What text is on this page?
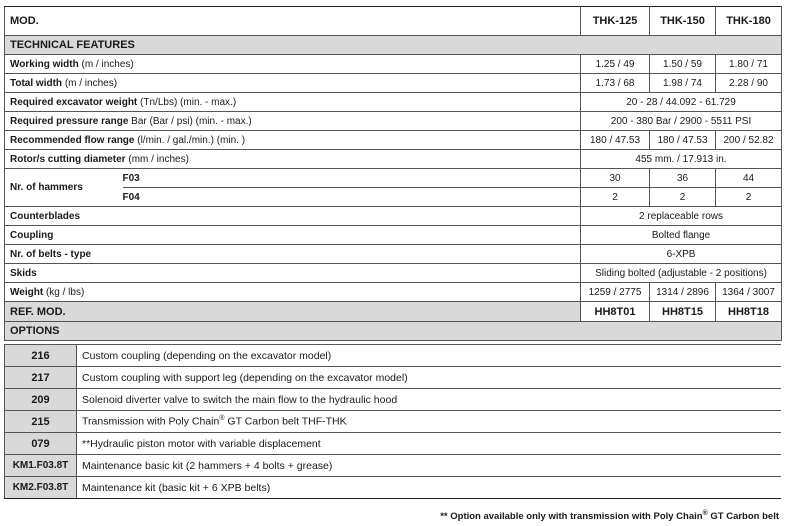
MOD.		THK-125	THK-150	THK-180
TECHNICAL FEATURES				
Working width (m / inches)		1.25 / 49	1.50 / 59	1.80 / 71
Total width (m / inches)		1.73 / 68	1.98 / 74	2.28 / 90
Required excavator weight (Tn/Lbs) (min. - max.)		20 - 28 / 44.092 - 61.729		
Required pressure range Bar (Bar / psi) (min. - max.)		200 - 380 Bar / 2900 - 5511 PSI		
Recommended flow range (l/min. / gal./min.) (min. )		180 / 47.53	180 / 47.53	200 / 52.82
Rotor/s cutting diameter (mm / inches)		455 mm. / 17.913 in.		
Nr. of hammers	F03	30	36	44
	F04	2	2	2
Counterblades		2 replaceable rows		
Coupling		Bolted flange		
Nr. of belts - type		6-XPB		
Skids		Sliding bolted (adjustable - 2 positions)		
Weight (kg / lbs)		1259 / 2775	1314 / 2896	1364 / 3007
REF. MOD.		HH8T01	HH8T15	HH8T18
OPTIONS				
216	Custom coupling (depending on the excavator model)
217	Custom coupling with support leg (depending on the excavator model)
209	Solenoid diverter valve to switch the main flow to the hydraulic hood
215	Transmission with Poly Chain® GT Carbon belt THF-THK
079	**Hydraulic piston motor with variable displacement
KM1.F03.8T	Maintenance basic kit (2 hammers + 4 bolts + grease)
KM2.F03.8T	Maintenance kit (basic kit + 6 XPB belts)
** Option available only with transmission with Poly Chain® GT Carbon belt
